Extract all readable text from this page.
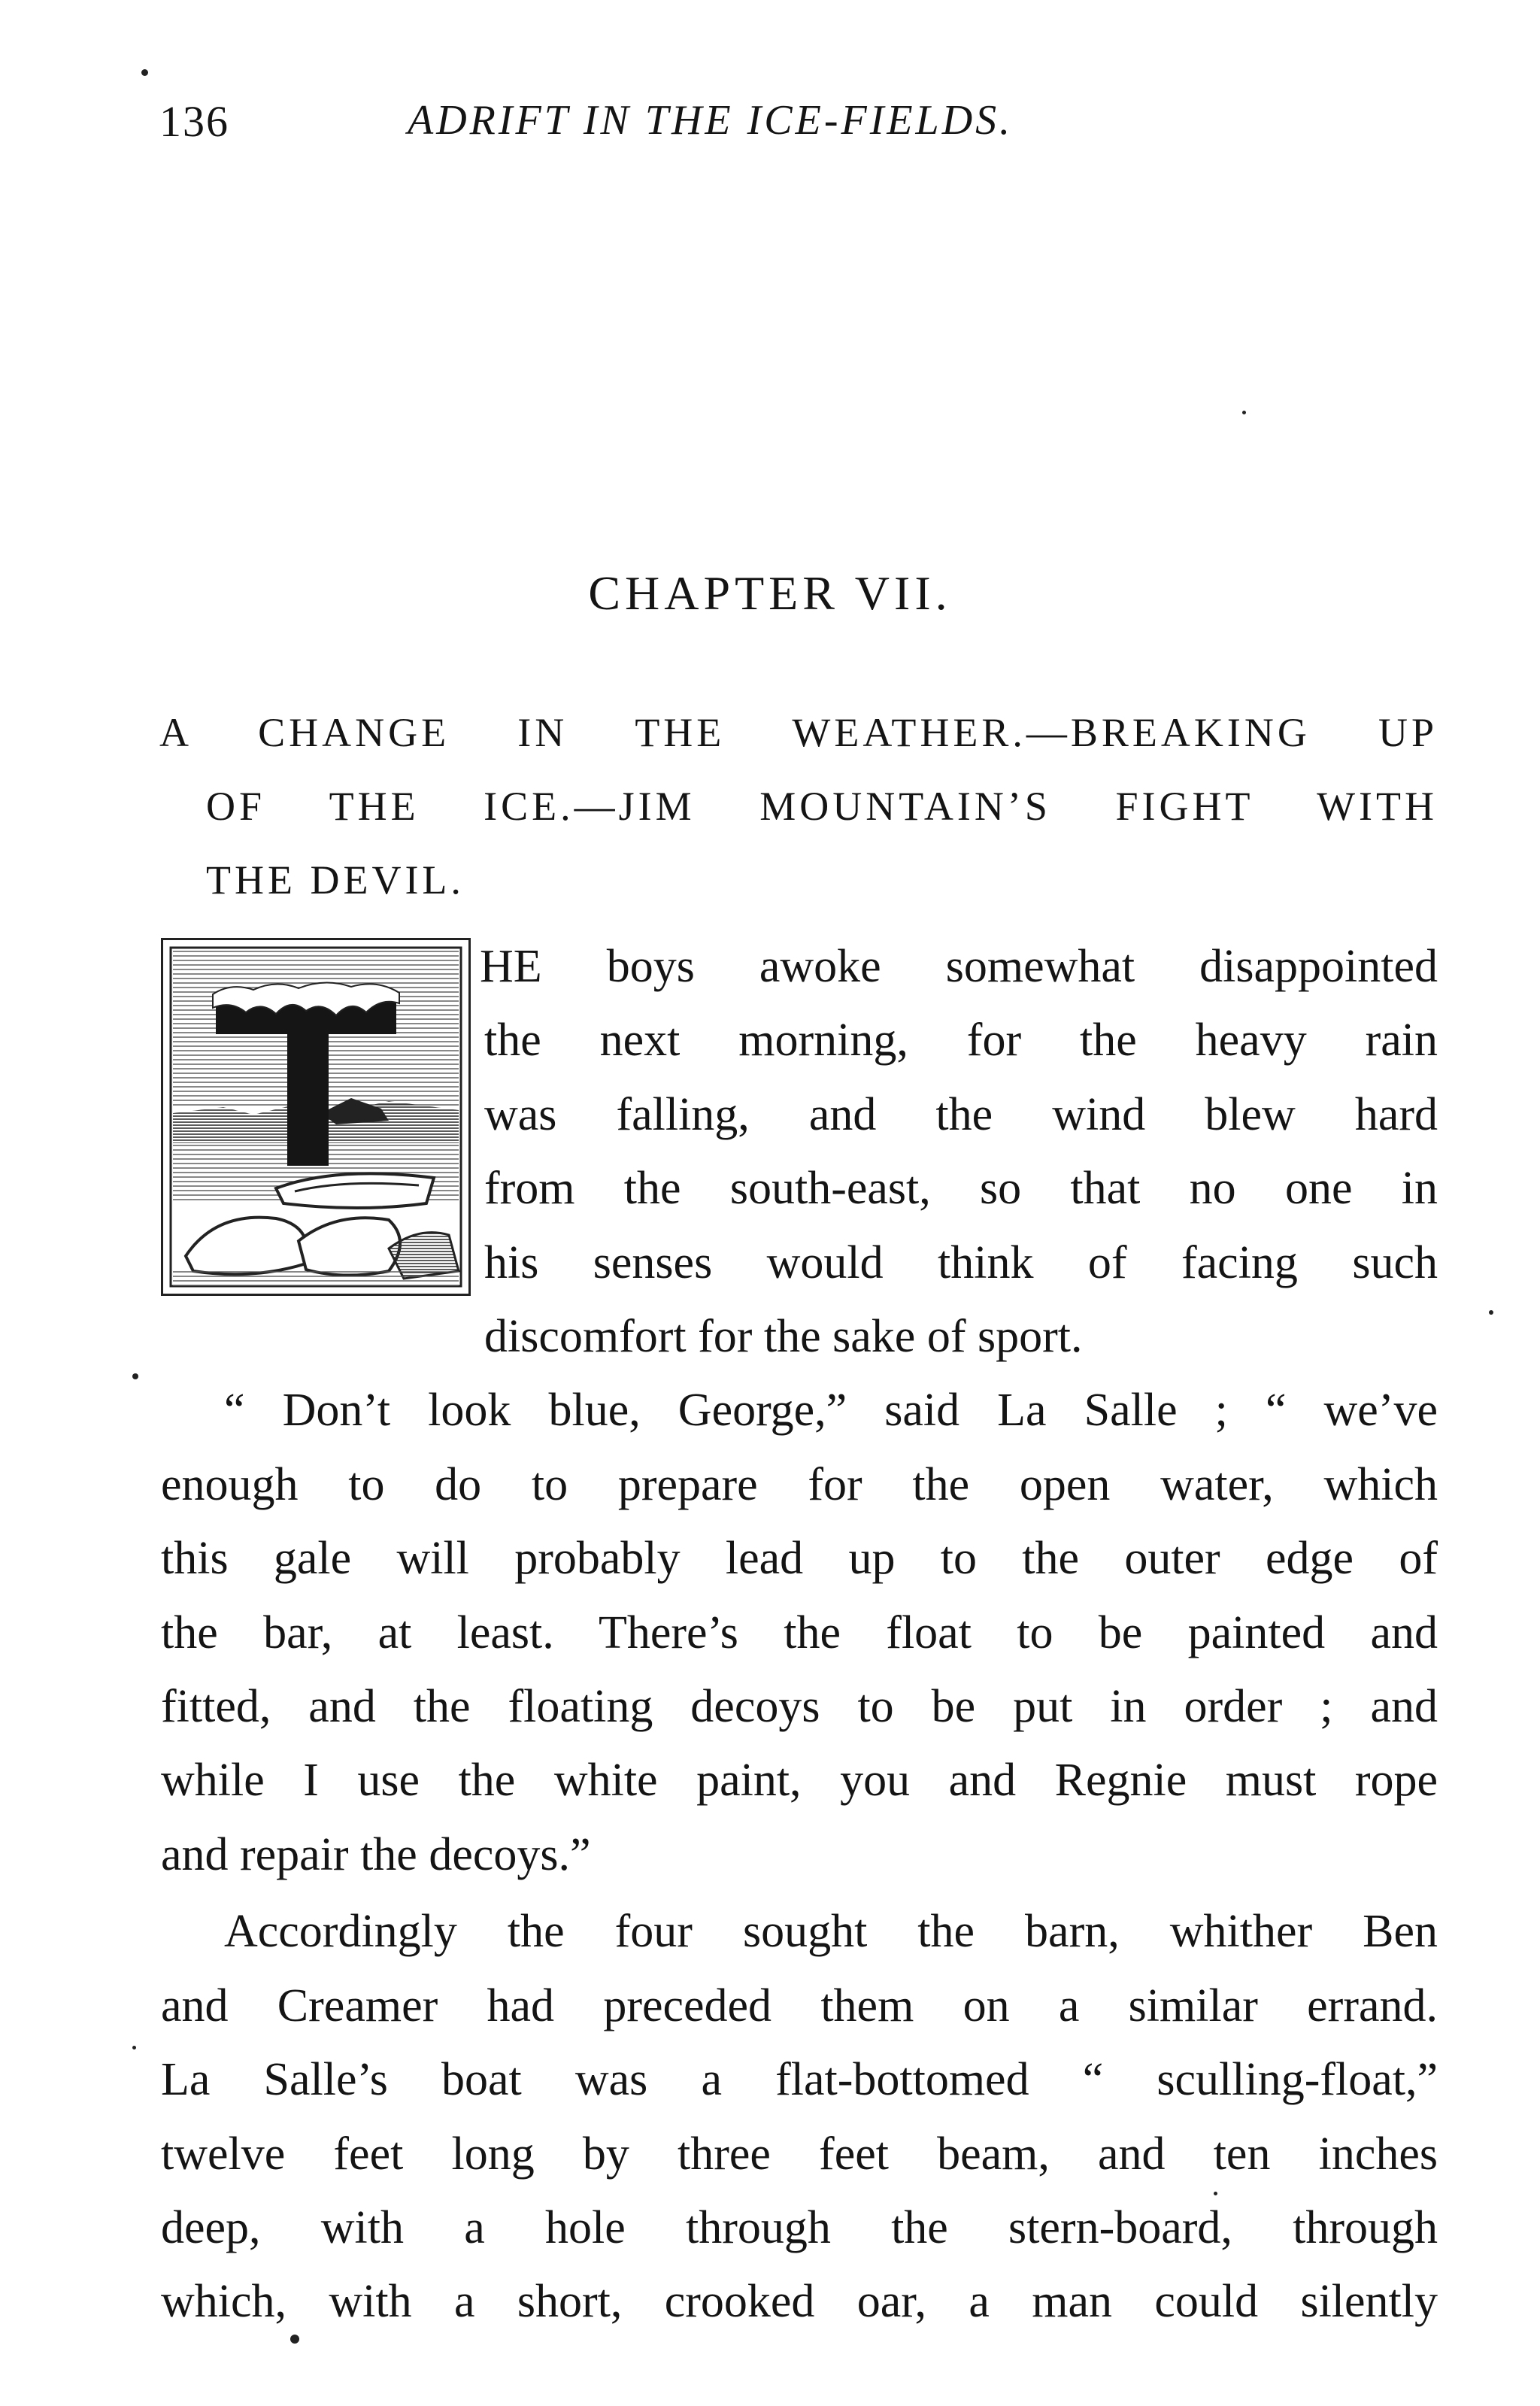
136	ADRIFT IN THE ICE-FIELDS.
CHAPTER VII.
A CHANGE IN THE WEATHER.—BREAKING UP
OF THE ICE.—JIM MOUNTAIN’S FIGHT WITH
THE DEVIL.
HE boys awoke somewhat disappointed
the next morning, for the heavy rain
was falling, and the wind blew hard
from the south-east, so that no one in
his senses would think of facing such
discomfort for the sake of sport.
“ Don’t look blue, George,” said La Salle ; “ we’ve
enough to do to prepare for the open water, which
this gale will probably lead up to the outer edge of
the bar, at least. There’s the float to be painted and
fitted, and the floating decoys to be put in order ; and
while I use the white paint, you and Regnie must rope
and repair the decoys.”
Accordingly the four sought the barn, whither Ben
and Creamer had preceded them on a similar errand.
La Salle’s boat was a flat-bottomed “ sculling-float,”
twelve feet long by three feet beam, and ten inches
deep, with a hole through the stern-board, through
which, with a short, crooked oar, a man could silently
